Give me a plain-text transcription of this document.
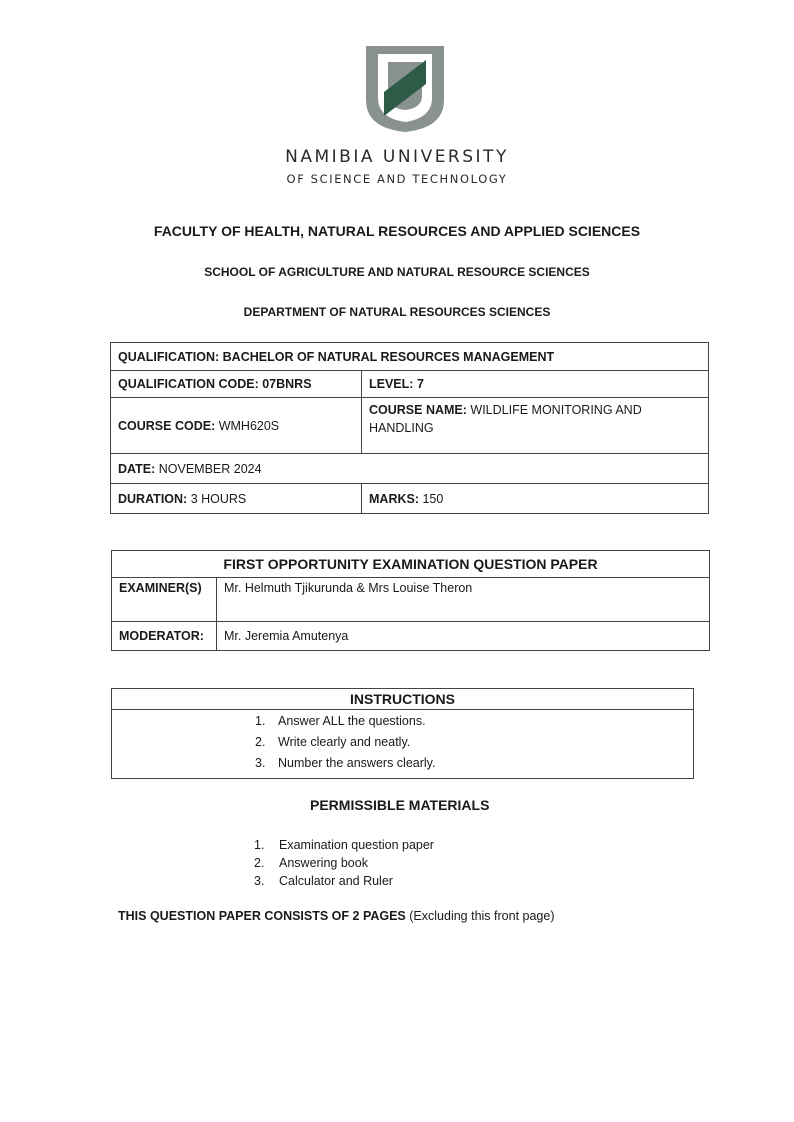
NAMIBIA UNIVERSITY
OF SCIENCE AND TECHNOLOGY
FACULTY OF HEALTH, NATURAL RESOURCES AND APPLIED SCIENCES
SCHOOL OF AGRICULTURE AND NATURAL RESOURCE SCIENCES
DEPARTMENT OF NATURAL RESOURCES SCIENCES
QUALIFICATION: BACHELOR OF NATURAL RESOURCES MANAGEMENT	
QUALIFICATION CODE: 07BNRS	LEVEL: 7
COURSE CODE: WMH620S	COURSE NAME: WILDLIFE MONITORING AND HANDLING
DATE: NOVEMBER 2024	
DURATION: 3 HOURS	MARKS: 150
FIRST OPPORTUNITY EXAMINATION QUESTION PAPER	
EXAMINER(S)	Mr. Helmuth Tjikurunda & Mrs Louise Theron
MODERATOR:	Mr. Jeremia Amutenya
INSTRUCTIONS

1. Answer ALL the questions.
2. Write clearly and neatly.
3. Number the answers clearly.
PERMISSIBLE MATERIALS
1. Examination question paper
2. Answering book
3. Calculator and Ruler
THIS QUESTION PAPER CONSISTS OF 2 PAGES (Excluding this front page)
